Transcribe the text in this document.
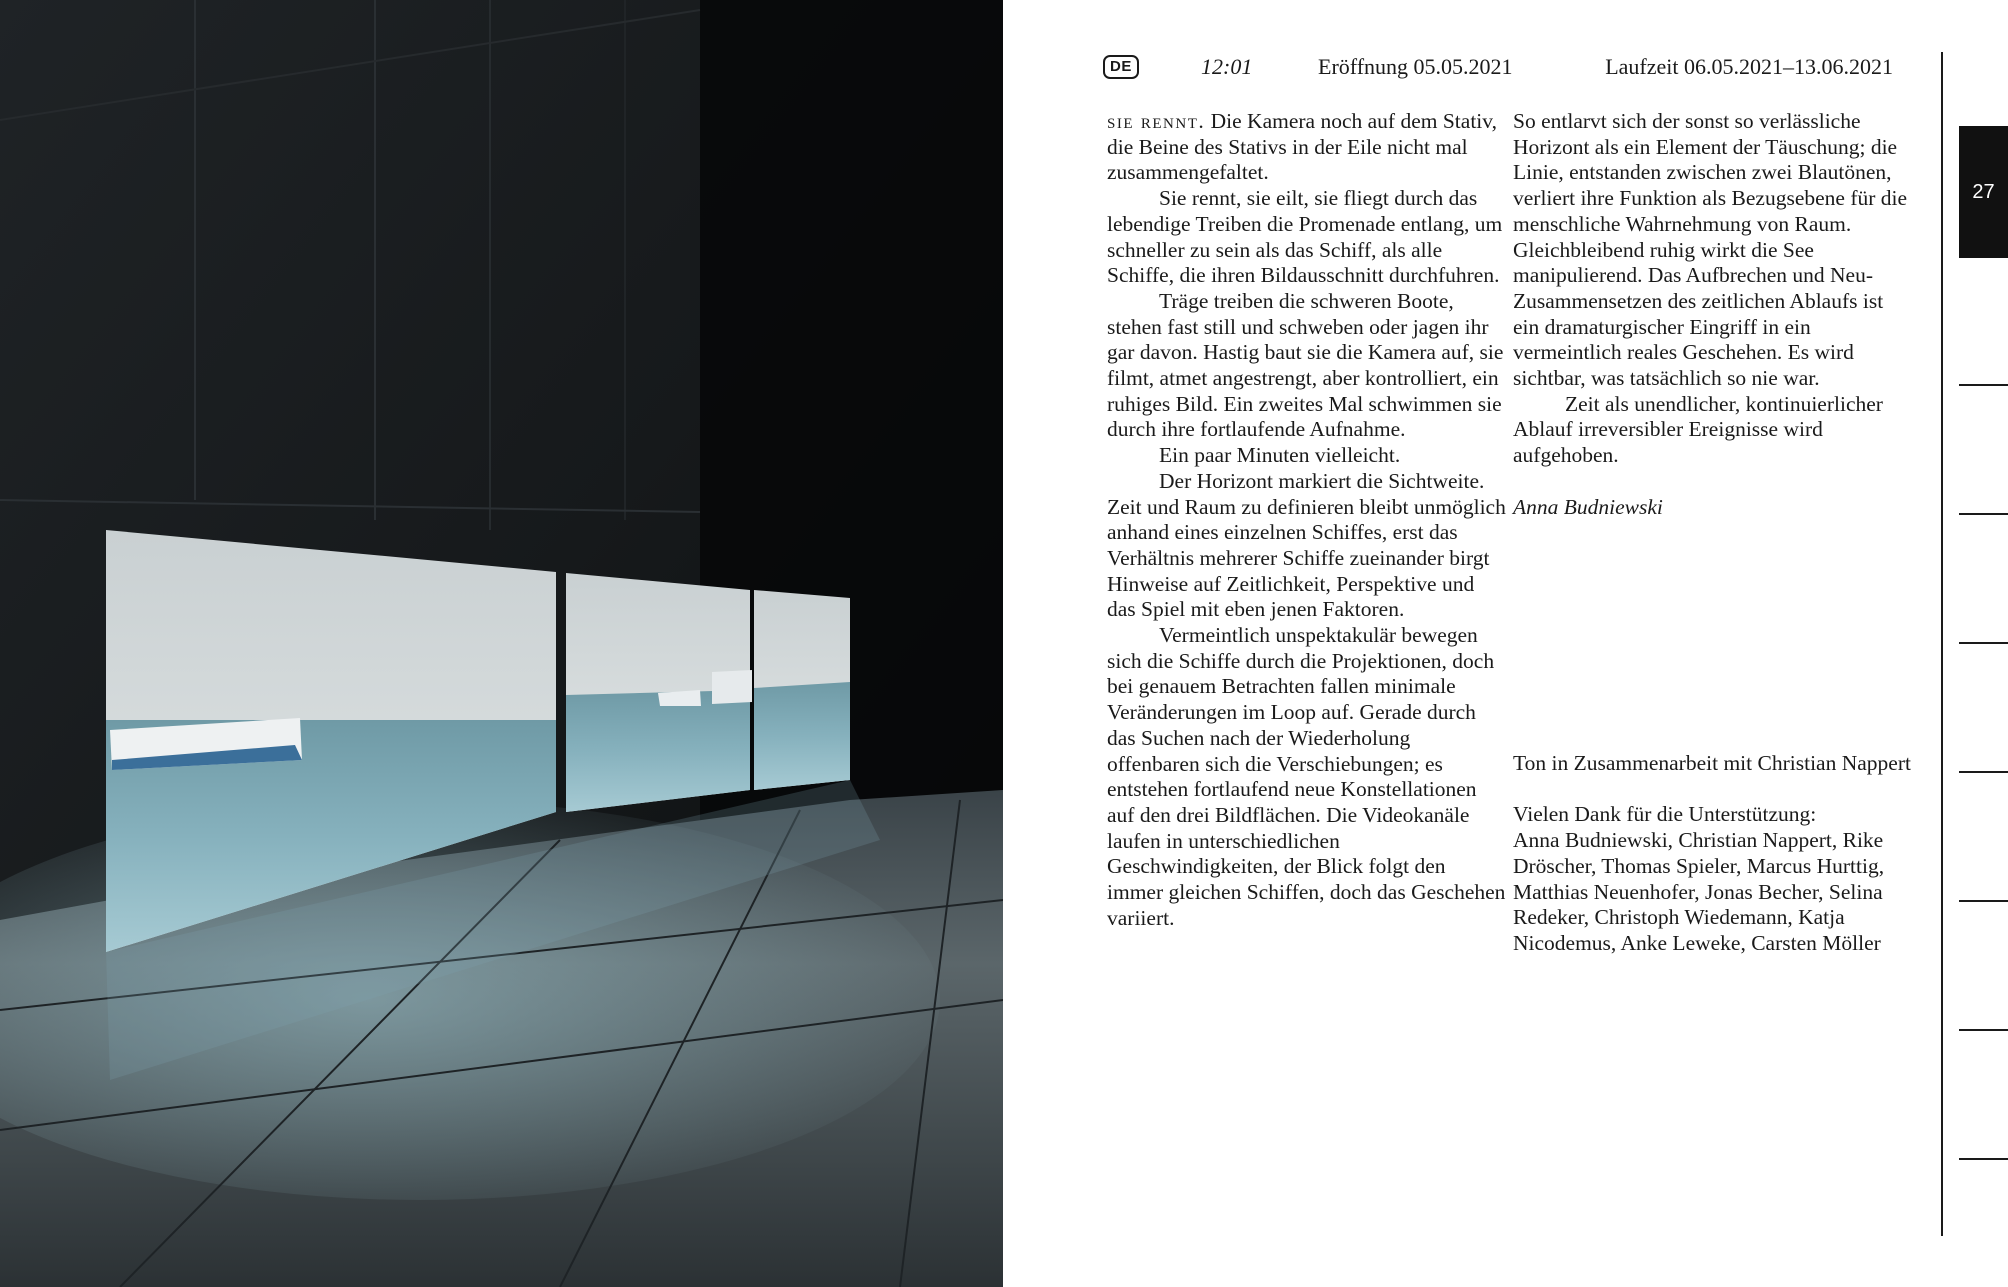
DE	12:01	Eröffnung 05.05.2021	Laufzeit 06.05.2021–13.06.2021

sie rennt. Die Kamera noch auf dem Stativ, die Beine des Stativs in der Eile nicht mal zusammengefaltet.

Sie rennt, sie eilt, sie fliegt durch das lebendige Treiben die Promenade entlang, um schneller zu sein als das Schiff, als alle Schiffe, die ihren Bildausschnitt durchfuhren.

Träge treiben die schweren Boote, stehen fast still und schweben oder jagen ihr gar davon. Hastig baut sie die Kamera auf, sie filmt, atmet angestrengt, aber kontrolliert, ein ruhiges Bild. Ein zweites Mal schwimmen sie durch ihre fortlaufende Aufnahme.

Ein paar Minuten vielleicht.

Der Horizont markiert die Sichtweite. Zeit und Raum zu definieren bleibt unmöglich anhand eines einzelnen Schiffes, erst das Verhältnis mehrerer Schiffe zueinander birgt Hinweise auf Zeitlichkeit, Perspektive und das Spiel mit eben jenen Faktoren.

Vermeintlich unspektakulär bewegen sich die Schiffe durch die Projektionen, doch bei genauem Betrachten fallen minimale Veränderungen im Loop auf. Gerade durch das Suchen nach der Wiederholung offenbaren sich die Verschiebungen; es entstehen fortlaufend neue Konstellationen auf den drei Bildflächen. Die Videokanäle laufen in unterschiedlichen Geschwindigkeiten, der Blick folgt den immer gleichen Schiffen, doch das Geschehen variiert.

So entlarvt sich der sonst so verlässliche Horizont als ein Element der Täuschung; die Linie, entstanden zwischen zwei Blautönen, verliert ihre Funktion als Bezugsebene für die menschliche Wahrnehmung von Raum. Gleichbleibend ruhig wirkt die See manipulierend. Das Aufbrechen und Neu-Zusammensetzen des zeitlichen Ablaufs ist ein dramaturgischer Eingriff in ein vermeintlich reales Geschehen. Es wird sichtbar, was tatsächlich so nie war.

Zeit als unendlicher, kontinuierlicher Ablauf irreversibler Ereignisse wird aufgehoben.

Anna Budniewski

Ton in Zusammenarbeit mit Christian Nappert

Vielen Dank für die Unterstützung:

Anna Budniewski, Christian Nappert, Rike Dröscher, Thomas Spieler, Marcus Hurttig, Matthias Neuenhofer, Jonas Becher, Selina Redeker, Christoph Wiedemann, Katja Nicodemus, Anke Leweke, Carsten Möller

27
